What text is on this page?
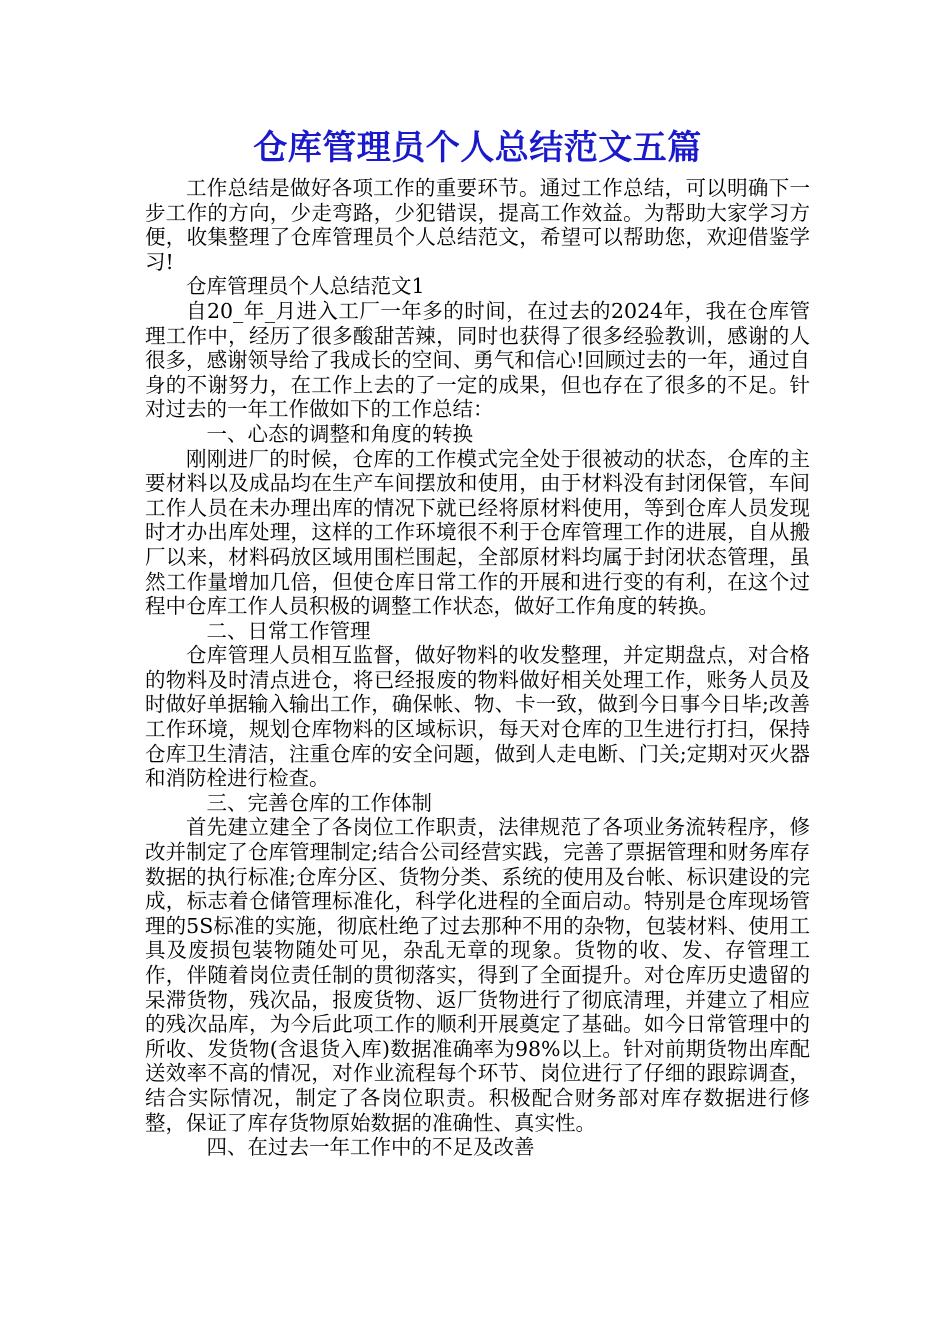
仓库管理员个人总结范文五篇

工作总结是做好各项工作的重要环节。通过工作总结，可以明确下一步工作的方向，少走弯路，少犯错误，提高工作效益。为帮助大家学习方便，收集整理了仓库管理员个人总结范文，希望可以帮助您，欢迎借鉴学习!

仓库管理员个人总结范文1

自20_年_月进入工厂一年多的时间，在过去的2024年，我在仓库管理工作中，经历了很多酸甜苦辣，同时也获得了很多经验教训，感谢的人很多，感谢领导给了我成长的空间、勇气和信心!回顾过去的一年，通过自身的不谢努力，在工作上去的了一定的成果，但也存在了很多的不足。针对过去的一年工作做如下的工作总结：

一、心态的调整和角度的转换

刚刚进厂的时候，仓库的工作模式完全处于很被动的状态，仓库的主要材料以及成品均在生产车间摆放和使用，由于材料没有封闭保管，车间工作人员在未办理出库的情况下就已经将原材料使用，等到仓库人员发现时才办出库处理，这样的工作环境很不利于仓库管理工作的进展，自从搬厂以来，材料码放区域用围栏围起，全部原材料均属于封闭状态管理，虽然工作量增加几倍，但使仓库日常工作的开展和进行变的有利，在这个过程中仓库工作人员积极的调整工作状态，做好工作角度的转换。

二、日常工作管理

仓库管理人员相互监督，做好物料的收发整理，并定期盘点，对合格的物料及时清点进仓，将已经报废的物料做好相关处理工作，账务人员及时做好单据输入输出工作，确保帐、物、卡一致，做到今日事今日毕;改善工作环境，规划仓库物料的区域标识，每天对仓库的卫生进行打扫，保持仓库卫生清洁，注重仓库的安全问题，做到人走电断、门关;定期对灭火器和消防栓进行检查。

三、完善仓库的工作体制

首先建立建全了各岗位工作职责，法律规范了各项业务流转程序，修改并制定了仓库管理制定;结合公司经营实践，完善了票据管理和财务库存数据的执行标准;仓库分区、货物分类、系统的使用及台帐、标识建设的完成，标志着仓储管理标准化，科学化进程的全面启动。特别是仓库现场管理的5S标准的实施，彻底杜绝了过去那种不用的杂物，包装材料、使用工具及废损包装物随处可见，杂乱无章的现象。货物的收、发、存管理工作，伴随着岗位责任制的贯彻落实，得到了全面提升。对仓库历史遗留的呆滞货物，残次品，报废货物、返厂货物进行了彻底清理，并建立了相应的残次品库，为今后此项工作的顺利开展奠定了基础。如今日常管理中的所收、发货物(含退货入库)数据准确率为98%以上。针对前期货物出库配送效率不高的情况，对作业流程每个环节、岗位进行了仔细的跟踪调查，结合实际情况，制定了各岗位职责。积极配合财务部对库存数据进行修整，保证了库存货物原始数据的准确性、真实性。

四、在过去一年工作中的不足及改善
